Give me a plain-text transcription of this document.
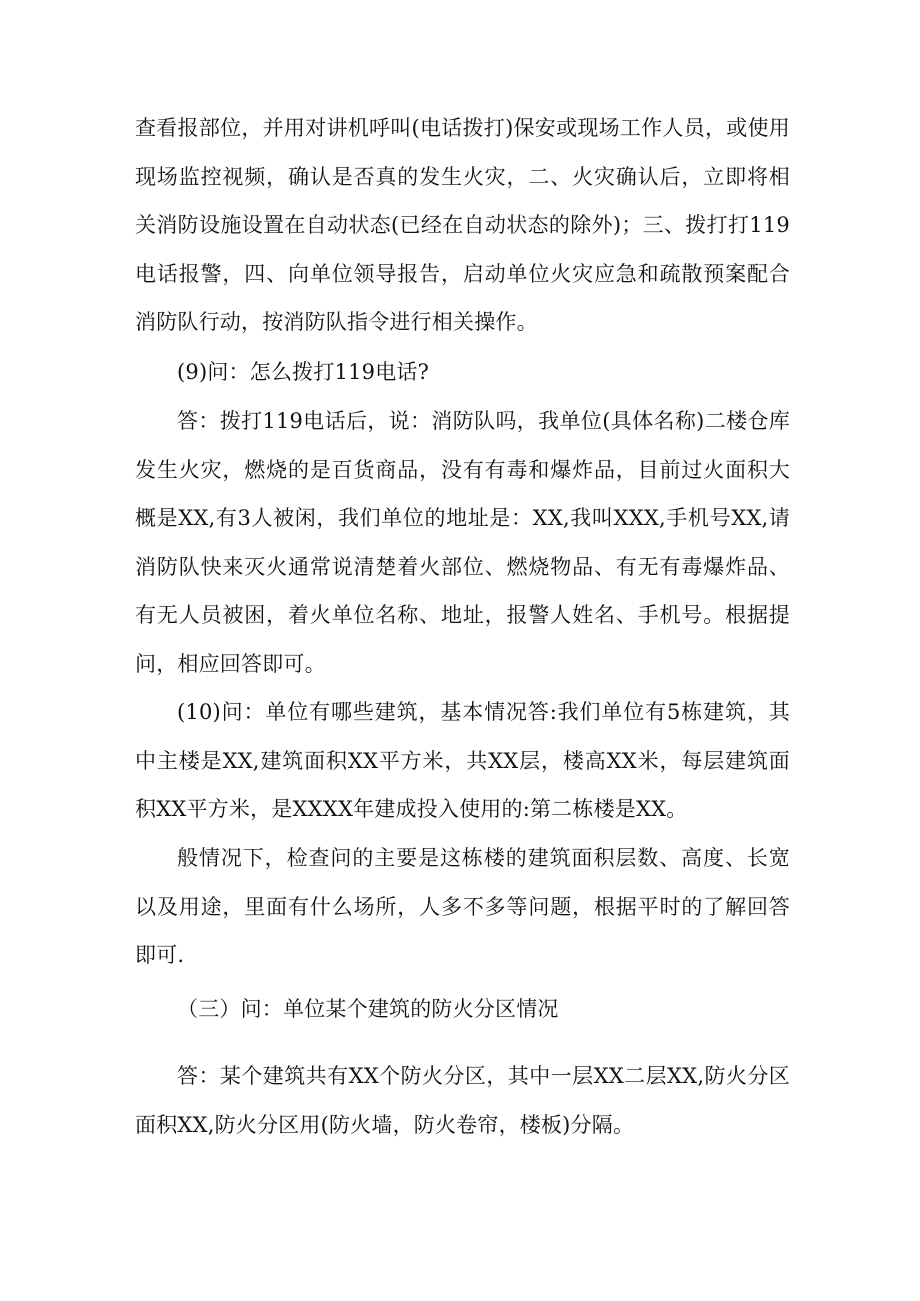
查看报部位，并用对讲机呼叫(电话拨打)保安或现场工作人员，或使用现场监控视频，确认是否真的发生火灾，二、火灾确认后，立即将相关消防设施设置在自动状态(已经在自动状态的除外)；三、拨打打119电话报警，四、向单位领导报告，启动单位火灾应急和疏散预案配合消防队行动，按消防队指令进行相关操作。

(9)问：怎么拨打119电话?

答：拨打119电话后，说：消防队吗，我单位(具体名称)二楼仓库发生火灾，燃烧的是百货商品，没有有毒和爆炸品，目前过火面积大概是XX,有3人被闲，我们单位的地址是：XX,我叫XXX,手机号XX,请消防队快来灭火通常说清楚着火部位、燃烧物品、有无有毒爆炸品、有无人员被困，着火单位名称、地址，报警人姓名、手机号。根据提问，相应回答即可。

(10)问：单位有哪些建筑，基本情况答:我们单位有5栋建筑，其中主楼是XX,建筑面积XX平方米，共XX层，楼高XX米，每层建筑面积XX平方米，是XXXX年建成投入使用的:第二栋楼是XX。

般情况下，检查问的主要是这栋楼的建筑面积层数、高度、长宽以及用途，里面有什么场所，人多不多等问题，根据平时的了解回答即可.

（三）问：单位某个建筑的防火分区情况

答：某个建筑共有XX个防火分区，其中一层XX二层XX,防火分区面积XX,防火分区用(防火墙，防火卷帘，楼板)分隔。
